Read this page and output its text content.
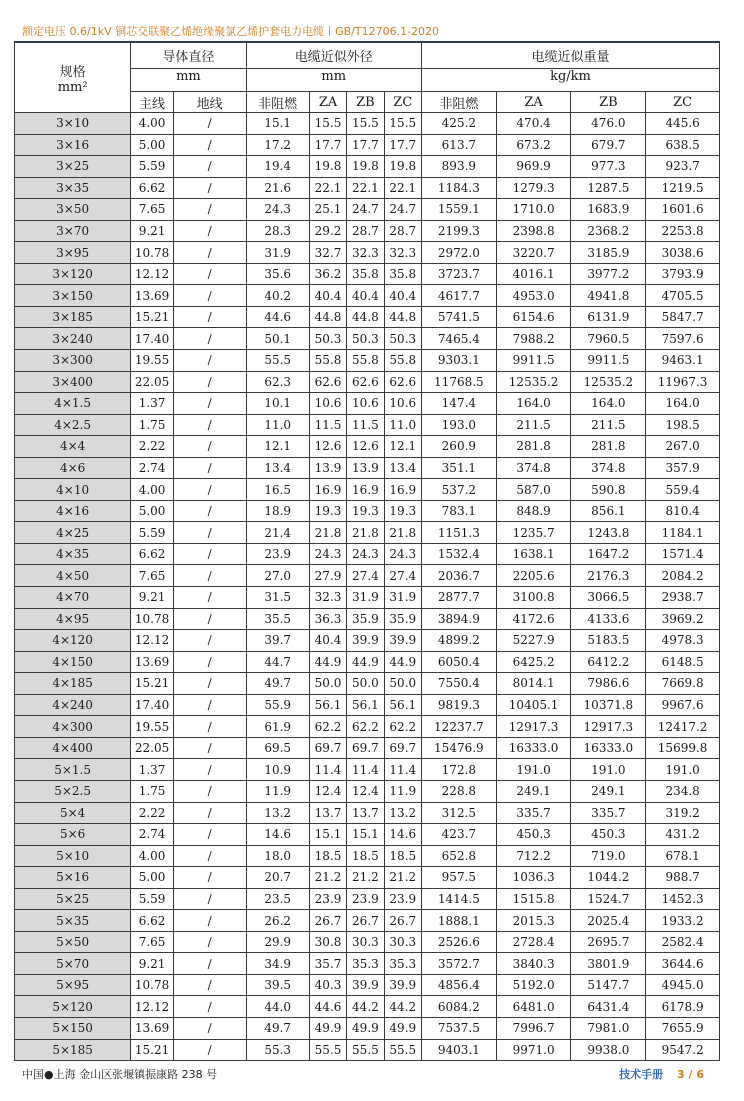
额定电压 0.6/1kV 铜芯交联聚乙烯绝缘聚氯乙烯护套电力电缆丨GB/T12706.1-2020
规格
mm²	导体直径		电缆近似外径				电缆近似重量			
	mm		mm				kg/km			
	主线	地线	非阻燃	ZA	ZB	ZC	非阻燃	ZA	ZB	ZC
3×10	4.00	/	15.1	15.5	15.5	15.5	425.2	470.4	476.0	445.6
3×16	5.00	/	17.2	17.7	17.7	17.7	613.7	673.2	679.7	638.5
3×25	5.59	/	19.4	19.8	19.8	19.8	893.9	969.9	977.3	923.7
3×35	6.62	/	21.6	22.1	22.1	22.1	1184.3	1279.3	1287.5	1219.5
3×50	7.65	/	24.3	25.1	24.7	24.7	1559.1	1710.0	1683.9	1601.6
3×70	9.21	/	28.3	29.2	28.7	28.7	2199.3	2398.8	2368.2	2253.8
3×95	10.78	/	31.9	32.7	32.3	32.3	2972.0	3220.7	3185.9	3038.6
3×120	12.12	/	35.6	36.2	35.8	35.8	3723.7	4016.1	3977.2	3793.9
3×150	13.69	/	40.2	40.4	40.4	40.4	4617.7	4953.0	4941.8	4705.5
3×185	15.21	/	44.6	44.8	44.8	44.8	5741.5	6154.6	6131.9	5847.7
3×240	17.40	/	50.1	50.3	50.3	50.3	7465.4	7988.2	7960.5	7597.6
3×300	19.55	/	55.5	55.8	55.8	55.8	9303.1	9911.5	9911.5	9463.1
3×400	22.05	/	62.3	62.6	62.6	62.6	11768.5	12535.2	12535.2	11967.3
4×1.5	1.37	/	10.1	10.6	10.6	10.6	147.4	164.0	164.0	164.0
4×2.5	1.75	/	11.0	11.5	11.5	11.0	193.0	211.5	211.5	198.5
4×4	2.22	/	12.1	12.6	12.6	12.1	260.9	281.8	281.8	267.0
4×6	2.74	/	13.4	13.9	13.9	13.4	351.1	374.8	374.8	357.9
4×10	4.00	/	16.5	16.9	16.9	16.9	537.2	587.0	590.8	559.4
4×16	5.00	/	18.9	19.3	19.3	19.3	783.1	848.9	856.1	810.4
4×25	5.59	/	21.4	21.8	21.8	21.8	1151.3	1235.7	1243.8	1184.1
4×35	6.62	/	23.9	24.3	24.3	24.3	1532.4	1638.1	1647.2	1571.4
4×50	7.65	/	27.0	27.9	27.4	27.4	2036.7	2205.6	2176.3	2084.2
4×70	9.21	/	31.5	32.3	31.9	31.9	2877.7	3100.8	3066.5	2938.7
4×95	10.78	/	35.5	36.3	35.9	35.9	3894.9	4172.6	4133.6	3969.2
4×120	12.12	/	39.7	40.4	39.9	39.9	4899.2	5227.9	5183.5	4978.3
4×150	13.69	/	44.7	44.9	44.9	44.9	6050.4	6425.2	6412.2	6148.5
4×185	15.21	/	49.7	50.0	50.0	50.0	7550.4	8014.1	7986.6	7669.8
4×240	17.40	/	55.9	56.1	56.1	56.1	9819.3	10405.1	10371.8	9967.6
4×300	19.55	/	61.9	62.2	62.2	62.2	12237.7	12917.3	12917.3	12417.2
4×400	22.05	/	69.5	69.7	69.7	69.7	15476.9	16333.0	16333.0	15699.8
5×1.5	1.37	/	10.9	11.4	11.4	11.4	172.8	191.0	191.0	191.0
5×2.5	1.75	/	11.9	12.4	12.4	11.9	228.8	249.1	249.1	234.8
5×4	2.22	/	13.2	13.7	13.7	13.2	312.5	335.7	335.7	319.2
5×6	2.74	/	14.6	15.1	15.1	14.6	423.7	450.3	450.3	431.2
5×10	4.00	/	18.0	18.5	18.5	18.5	652.8	712.2	719.0	678.1
5×16	5.00	/	20.7	21.2	21.2	21.2	957.5	1036.3	1044.2	988.7
5×25	5.59	/	23.5	23.9	23.9	23.9	1414.5	1515.8	1524.7	1452.3
5×35	6.62	/	26.2	26.7	26.7	26.7	1888.1	2015.3	2025.4	1933.2
5×50	7.65	/	29.9	30.8	30.3	30.3	2526.6	2728.4	2695.7	2582.4
5×70	9.21	/	34.9	35.7	35.3	35.3	3572.7	3840.3	3801.9	3644.6
5×95	10.78	/	39.5	40.3	39.9	39.9	4856.4	5192.0	5147.7	4945.0
5×120	12.12	/	44.0	44.6	44.2	44.2	6084.2	6481.0	6431.4	6178.9
5×150	13.69	/	49.7	49.9	49.9	49.9	7537.5	7996.7	7981.0	7655.9
5×185	15.21	/	55.3	55.5	55.5	55.5	9403.1	9971.0	9938.0	9547.2
中国●上海 金山区张堰镇振康路 238 号	技术手册 3 / 6
